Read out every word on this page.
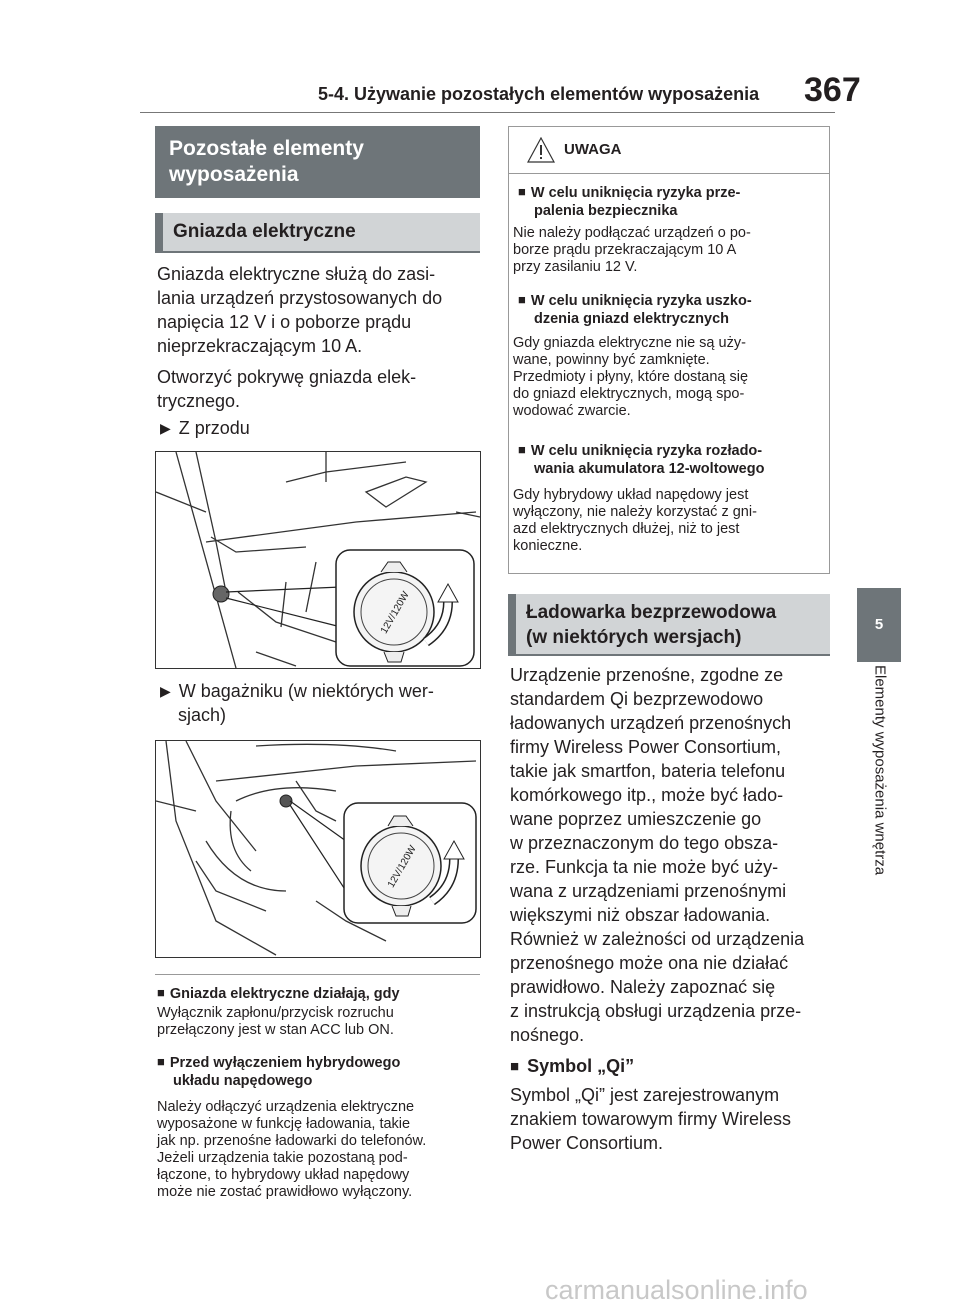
5-4. Używanie pozostałych elementów wyposażenia 367
5
Elementy wyposażenia wnętrza
Pozostałe elementy
wyposażenia
Gniazda elektryczne
Gniazda elektryczne służą do zasi-
lania urządzeń przystosowanych do
napięcia 12 V i o poborze prądu
nieprzekraczającym 10 A.
Otworzyć pokrywę gniazda elek-
trycznego.
▶ Z przodu
12V/120W
▶ W bagażniku (w niektórych wer-
sjach)
12V/120W
■ Gniazda elektryczne działają, gdy
Wyłącznik zapłonu/przycisk rozruchu
przełączony jest w stan ACC lub ON.
■ Przed wyłączeniem hybrydowego
układu napędowego
Należy odłączyć urządzenia elektryczne
wyposażone w funkcję ładowania, takie
jak np. przenośne ładowarki do telefonów.
Jeżeli urządzenia takie pozostaną pod-
łączone, to hybrydowy układ napędowy
może nie zostać prawidłowo wyłączony.
UWAGA
■ W celu uniknięcia ryzyka prze-
palenia bezpiecznika
Nie należy podłączać urządzeń o po-
borze prądu przekraczającym 10 A
przy zasilaniu 12 V.
■ W celu uniknięcia ryzyka uszko-
dzenia gniazd elektrycznych
Gdy gniazda elektryczne nie są uży-
wane, powinny być zamknięte.
Przedmioty i płyny, które dostaną się
do gniazd elektrycznych, mogą spo-
wodować zwarcie.
■ W celu uniknięcia ryzyka rozłado-
wania akumulatora 12-woltowego
Gdy hybrydowy układ napędowy jest
wyłączony, nie należy korzystać z gni-
azd elektrycznych dłużej, niż to jest
konieczne.
Ładowarka bezprzewodowa
(w niektórych wersjach)
Urządzenie przenośne, zgodne ze
standardem Qi bezprzewodowo
ładowanych urządzeń przenośnych
firmy Wireless Power Consortium,
takie jak smartfon, bateria telefonu
komórkowego itp., może być łado-
wane poprzez umieszczenie go
w przeznaczonym do tego obsza-
rze. Funkcja ta nie może być uży-
wana z urządzeniami przenośnymi
większymi niż obszar ładowania.
Również w zależności od urządzenia
przenośnego może ona nie działać
prawidłowo. Należy zapoznać się
z instrukcją obsługi urządzenia prze-
nośnego.
■ Symbol „Qi”
Symbol „Qi” jest zarejestrowanym
znakiem towarowym firmy Wireless
Power Consortium.
carmanualsonline.info
